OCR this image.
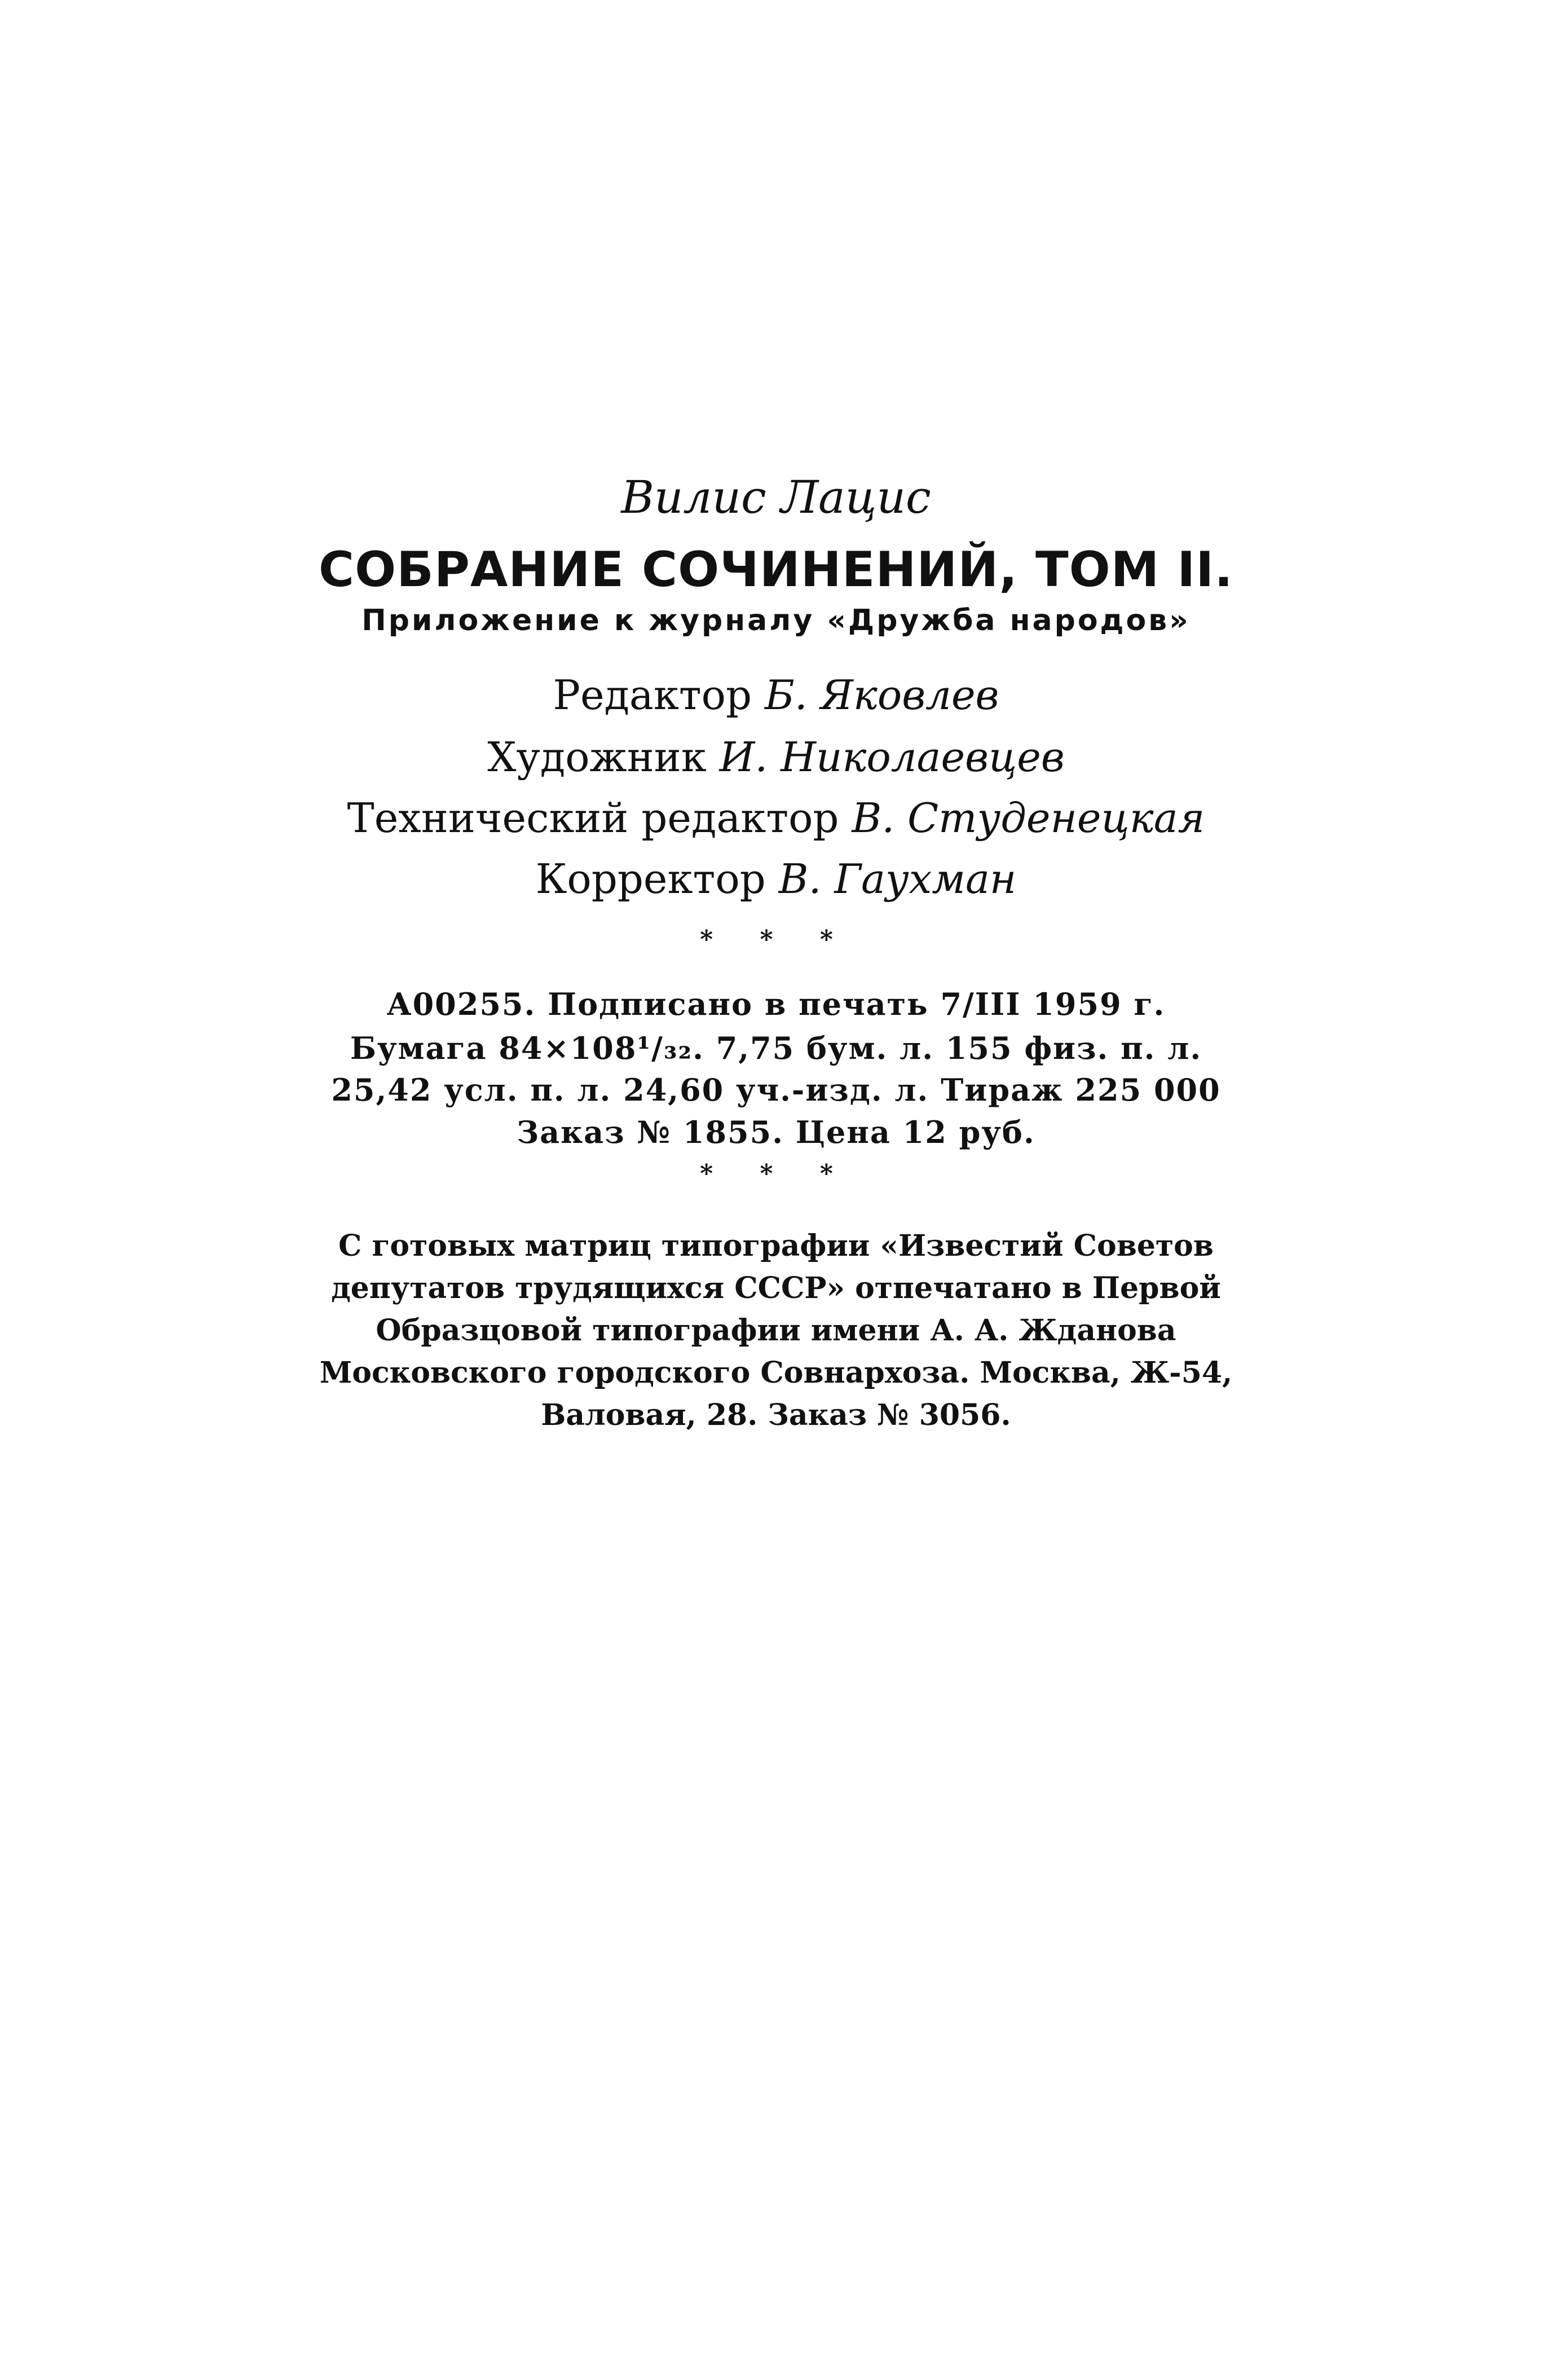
Вилис Лацис
СОБРАНИЕ СОЧИНЕНИЙ, ТОМ II.
Приложение к журналу «Дружба народов»
Редактор Б. Яковлев
Художник И. Николаевцев
Технический редактор В. Студенецкая
Корректор В. Гаухман
* * *
А00255. Подписано в печать 7/III 1959 г.
Бумага 84×108¹/₃₂. 7,75 бум. л. 155 физ. п. л.
25,42 усл. п. л. 24,60 уч.-изд. л. Тираж 225 000
Заказ № 1855. Цена 12 руб.
* * *
С готовых матриц типографии «Известий Советов
депутатов трудящихся СССР» отпечатано в Первой
Образцовой типографии имени А. А. Жданова
Московского городского Совнархоза. Москва, Ж-54,
Валовая, 28. Заказ № 3056.
